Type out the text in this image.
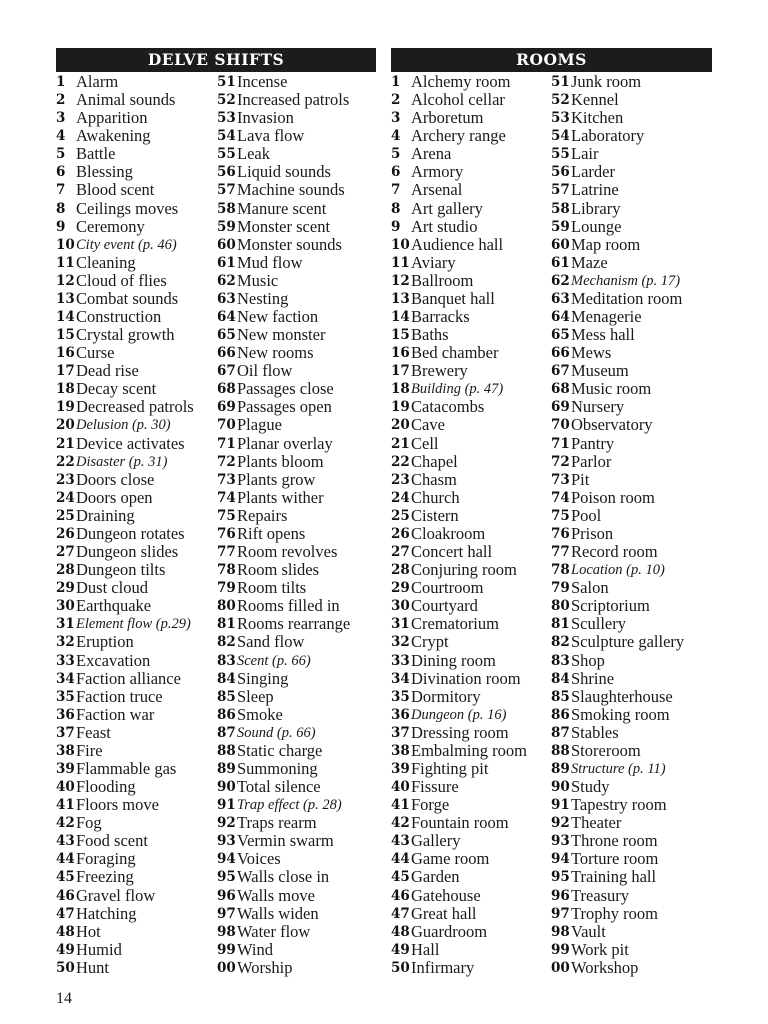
DELVE SHIFTS
1 Alarm
2 Animal sounds
3 Apparition
4 Awakening
5 Battle
6 Blessing
7 Blood scent
8 Ceilings moves
9 Ceremony
10 City event (p. 46)
11 Cleaning
12 Cloud of flies
13 Combat sounds
14 Construction
15 Crystal growth
16 Curse
17 Dead rise
18 Decay scent
19 Decreased patrols
20 Delusion (p. 30)
21 Device activates
22 Disaster (p. 31)
23 Doors close
24 Doors open
25 Draining
26 Dungeon rotates
27 Dungeon slides
28 Dungeon tilts
29 Dust cloud
30 Earthquake
31 Element flow (p.29)
32 Eruption
33 Excavation
34 Faction alliance
35 Faction truce
36 Faction war
37 Feast
38 Fire
39 Flammable gas
40 Flooding
41 Floors move
42 Fog
43 Food scent
44 Foraging
45 Freezing
46 Gravel flow
47 Hatching
48 Hot
49 Humid
50 Hunt
51 Incense
52 Increased patrols
53 Invasion
54 Lava flow
55 Leak
56 Liquid sounds
57 Machine sounds
58 Manure scent
59 Monster scent
60 Monster sounds
61 Mud flow
62 Music
63 Nesting
64 New faction
65 New monster
66 New rooms
67 Oil flow
68 Passages close
69 Passages open
70 Plague
71 Planar overlay
72 Plants bloom
73 Plants grow
74 Plants wither
75 Repairs
76 Rift opens
77 Room revolves
78 Room slides
79 Room tilts
80 Rooms filled in
81 Rooms rearrange
82 Sand flow
83 Scent (p. 66)
84 Singing
85 Sleep
86 Smoke
87 Sound (p. 66)
88 Static charge
89 Summoning
90 Total silence
91 Trap effect (p. 28)
92 Traps rearm
93 Vermin swarm
94 Voices
95 Walls close in
96 Walls move
97 Walls widen
98 Water flow
99 Wind
00 Worship
ROOMS
1 Alchemy room
2 Alcohol cellar
3 Arboretum
4 Archery range
5 Arena
6 Armory
7 Arsenal
8 Art gallery
9 Art studio
10 Audience hall
11 Aviary
12 Ballroom
13 Banquet hall
14 Barracks
15 Baths
16 Bed chamber
17 Brewery
18 Building (p. 47)
19 Catacombs
20 Cave
21 Cell
22 Chapel
23 Chasm
24 Church
25 Cistern
26 Cloakroom
27 Concert hall
28 Conjuring room
29 Courtroom
30 Courtyard
31 Crematorium
32 Crypt
33 Dining room
34 Divination room
35 Dormitory
36 Dungeon (p. 16)
37 Dressing room
38 Embalming room
39 Fighting pit
40 Fissure
41 Forge
42 Fountain room
43 Gallery
44 Game room
45 Garden
46 Gatehouse
47 Great hall
48 Guardroom
49 Hall
50 Infirmary
51 Junk room
52 Kennel
53 Kitchen
54 Laboratory
55 Lair
56 Larder
57 Latrine
58 Library
59 Lounge
60 Map room
61 Maze
62 Mechanism (p. 17)
63 Meditation room
64 Menagerie
65 Mess hall
66 Mews
67 Museum
68 Music room
69 Nursery
70 Observatory
71 Pantry
72 Parlor
73 Pit
74 Poison room
75 Pool
76 Prison
77 Record room
78 Location (p. 10)
79 Salon
80 Scriptorium
81 Scullery
82 Sculpture gallery
83 Shop
84 Shrine
85 Slaughterhouse
86 Smoking room
87 Stables
88 Storeroom
89 Structure (p. 11)
90 Study
91 Tapestry room
92 Theater
93 Throne room
94 Torture room
95 Training hall
96 Treasury
97 Trophy room
98 Vault
99 Work pit
00 Workshop
14
